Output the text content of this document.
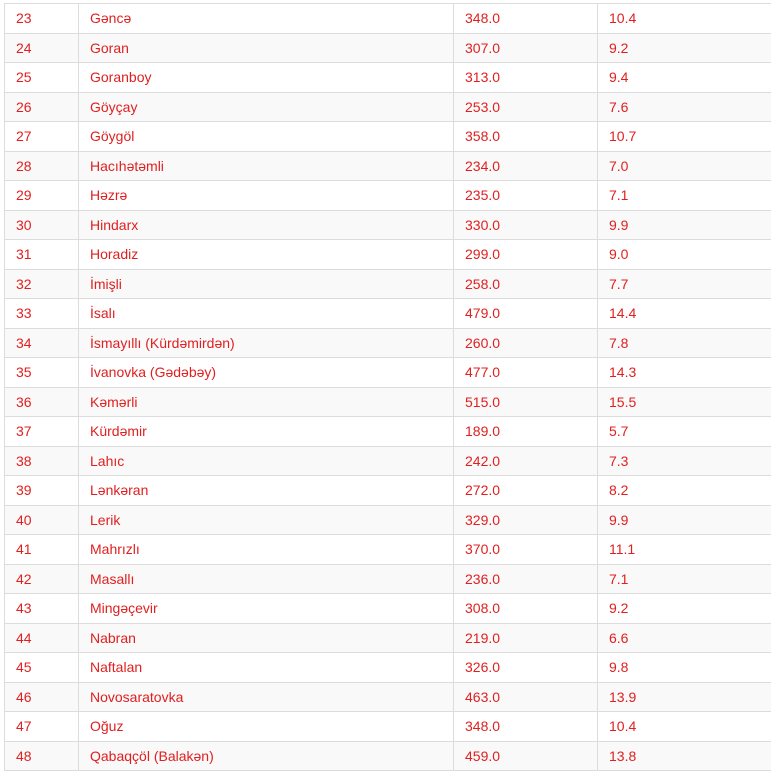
23	Gəncə	348.0	10.4
24	Goran	307.0	9.2
25	Goranboy	313.0	9.4
26	Göyçay	253.0	7.6
27	Göygöl	358.0	10.7
28	Hacıhətəmli	234.0	7.0
29	Həzrə	235.0	7.1
30	Hindarx	330.0	9.9
31	Horadiz	299.0	9.0
32	İmişli	258.0	7.7
33	İsalı	479.0	14.4
34	İsmayıllı (Kürdəmirdən)	260.0	7.8
35	İvanovka (Gədəbəy)	477.0	14.3
36	Kəmərli	515.0	15.5
37	Kürdəmir	189.0	5.7
38	Lahıc	242.0	7.3
39	Lənkəran	272.0	8.2
40	Lerik	329.0	9.9
41	Mahrızlı	370.0	11.1
42	Masallı	236.0	7.1
43	Mingəçevir	308.0	9.2
44	Nabran	219.0	6.6
45	Naftalan	326.0	9.8
46	Novosaratovka	463.0	13.9
47	Oğuz	348.0	10.4
48	Qabaqçöl (Balakən)	459.0	13.8
